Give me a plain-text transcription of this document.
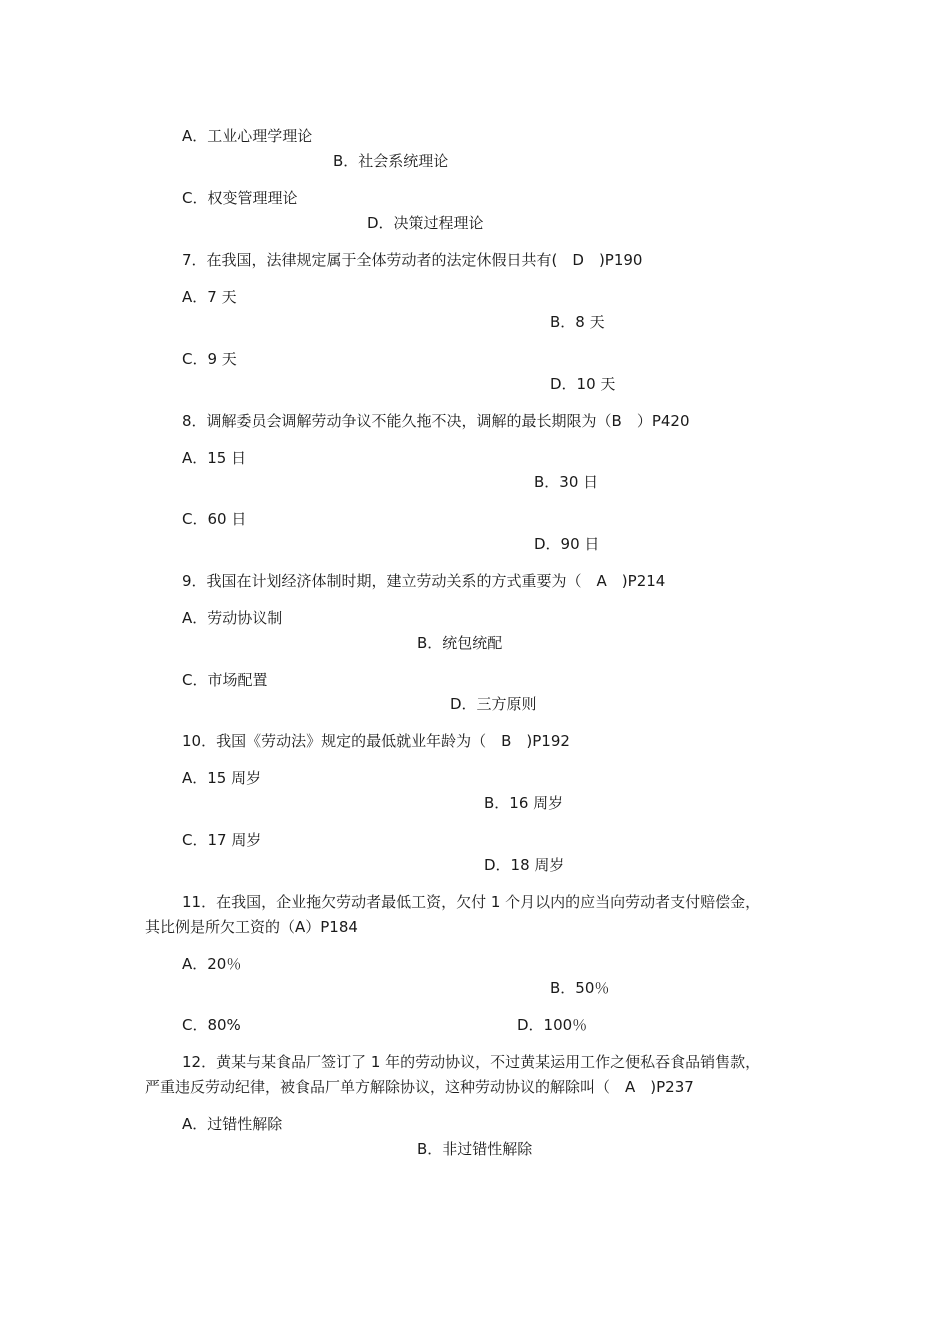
A．工业心理学理论
B．社会系统理论
C．权变管理理论
D．决策过程理论
7．在我国，法律规定属于全体劳动者的法定休假日共有(　D　)P190
A．7 天
B．8 天
C．9 天
D．10 天
8．调解委员会调解劳动争议不能久拖不决，调解的最长期限为（B　）P420
A．15 日
B．30 日
C．60 日
D．90 日
9．我国在计划经济体制时期，建立劳动关系的方式重要为（　A　)P214
A．劳动协议制
B．统包统配
C．市场配置
D．三方原则
10．我国《劳动法》规定的最低就业年龄为（　B　)P192
A．15 周岁
B．16 周岁
C．17 周岁
D．18 周岁
11．在我国，企业拖欠劳动者最低工资，欠付 1 个月以内的应当向劳动者支付赔偿金，
其比例是所欠工资的（A）P184
A．20％
B．50％
C．80%	D．100％
12．黄某与某食品厂签订了 1 年的劳动协议，不过黄某运用工作之便私吞食品销售款，
严重违反劳动纪律，被食品厂单方解除协议，这种劳动协议的解除叫（　A　)P237
A．过错性解除
B．非过错性解除
